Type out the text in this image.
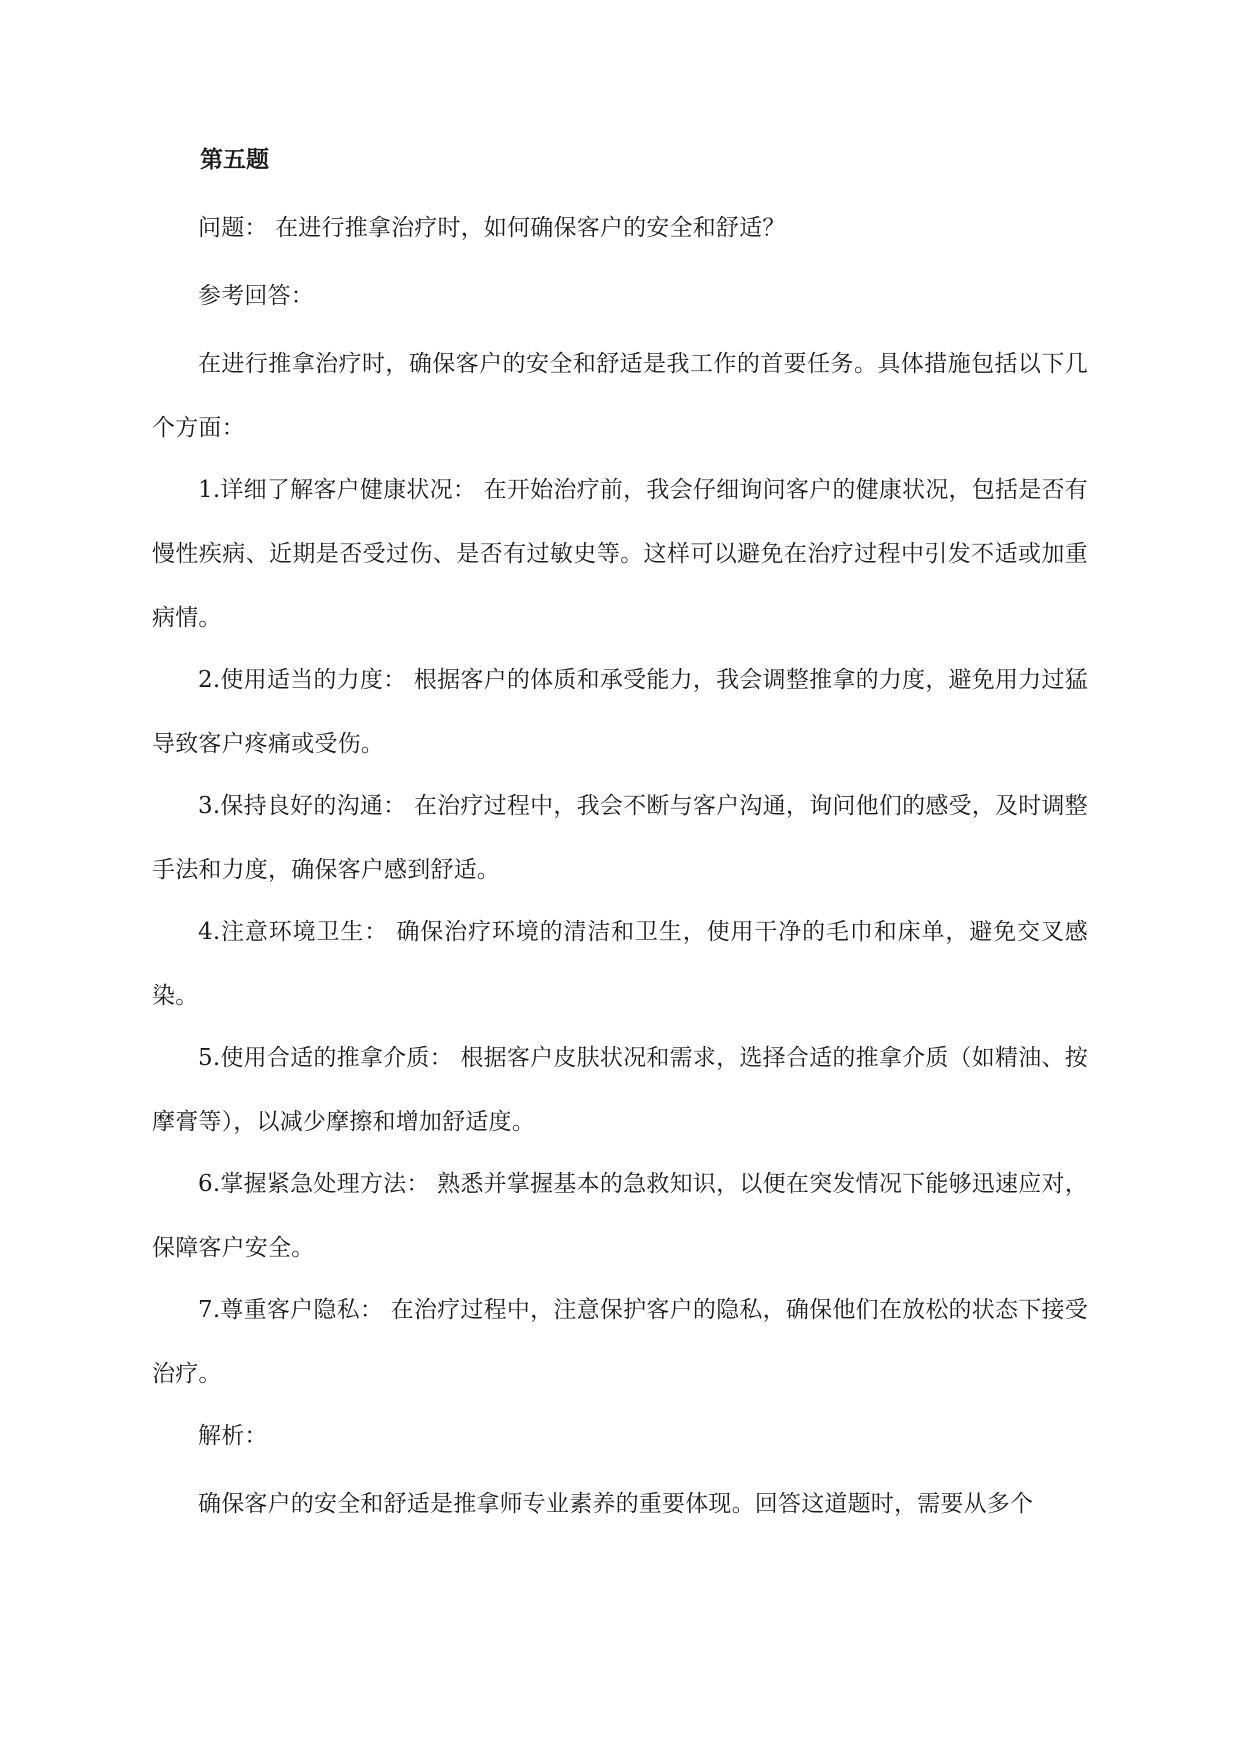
第五题

问题： 在进行推拿治疗时，如何确保客户的安全和舒适？

参考回答：

在进行推拿治疗时，确保客户的安全和舒适是我工作的首要任务。具体措施包括以下几个方面：

1.详细了解客户健康状况： 在开始治疗前，我会仔细询问客户的健康状况，包括是否有慢性疾病、近期是否受过伤、是否有过敏史等。这样可以避免在治疗过程中引发不适或加重病情。

2.使用适当的力度： 根据客户的体质和承受能力，我会调整推拿的力度，避免用力过猛导致客户疼痛或受伤。

3.保持良好的沟通： 在治疗过程中，我会不断与客户沟通，询问他们的感受，及时调整手法和力度，确保客户感到舒适。

4.注意环境卫生： 确保治疗环境的清洁和卫生，使用干净的毛巾和床单，避免交叉感染。

5.使用合适的推拿介质： 根据客户皮肤状况和需求，选择合适的推拿介质（如精油、按摩膏等），以减少摩擦和增加舒适度。

6.掌握紧急处理方法： 熟悉并掌握基本的急救知识，以便在突发情况下能够迅速应对，保障客户安全。

7.尊重客户隐私： 在治疗过程中，注意保护客户的隐私，确保他们在放松的状态下接受治疗。

解析：

确保客户的安全和舒适是推拿师专业素养的重要体现。回答这道题时，需要从多个
